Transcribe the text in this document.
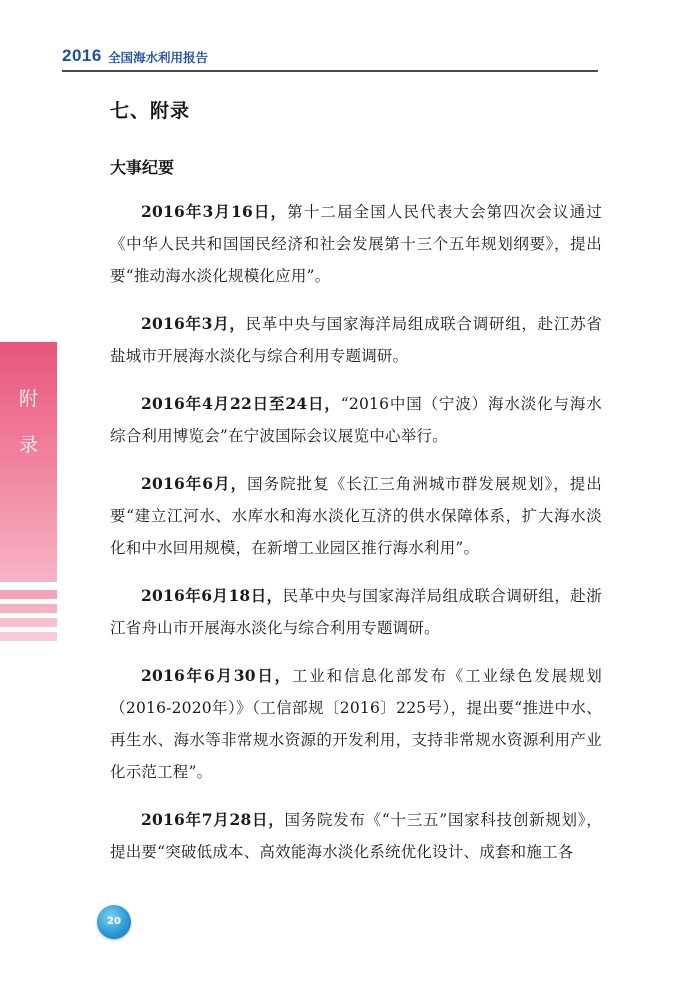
2016 全国海水利用报告
附
录
七、附录
大事纪要

2016年3月16日，第十二届全国人民代表大会第四次会议通过《中华人民共和国国民经济和社会发展第十三个五年规划纲要》，提出要“推动海水淡化规模化应用”。

2016年3月，民革中央与国家海洋局组成联合调研组，赴江苏省盐城市开展海水淡化与综合利用专题调研。

2016年4月22日至24日，“2016中国（宁波）海水淡化与海水综合利用博览会”在宁波国际会议展览中心举行。

2016年6月，国务院批复《长江三角洲城市群发展规划》，提出要“建立江河水、水库水和海水淡化互济的供水保障体系，扩大海水淡化和中水回用规模，在新增工业园区推行海水利用”。

2016年6月18日，民革中央与国家海洋局组成联合调研组，赴浙江省舟山市开展海水淡化与综合利用专题调研。

2016年6月30日，工业和信息化部发布《工业绿色发展规划（2016-2020年）》（工信部规〔2016〕225号），提出要“推进中水、再生水、海水等非常规水资源的开发利用，支持非常规水资源利用产业化示范工程”。

2016年7月28日，国务院发布《“十三五”国家科技创新规划》，提出要“突破低成本、高效能海水淡化系统优化设计、成套和施工各

20
